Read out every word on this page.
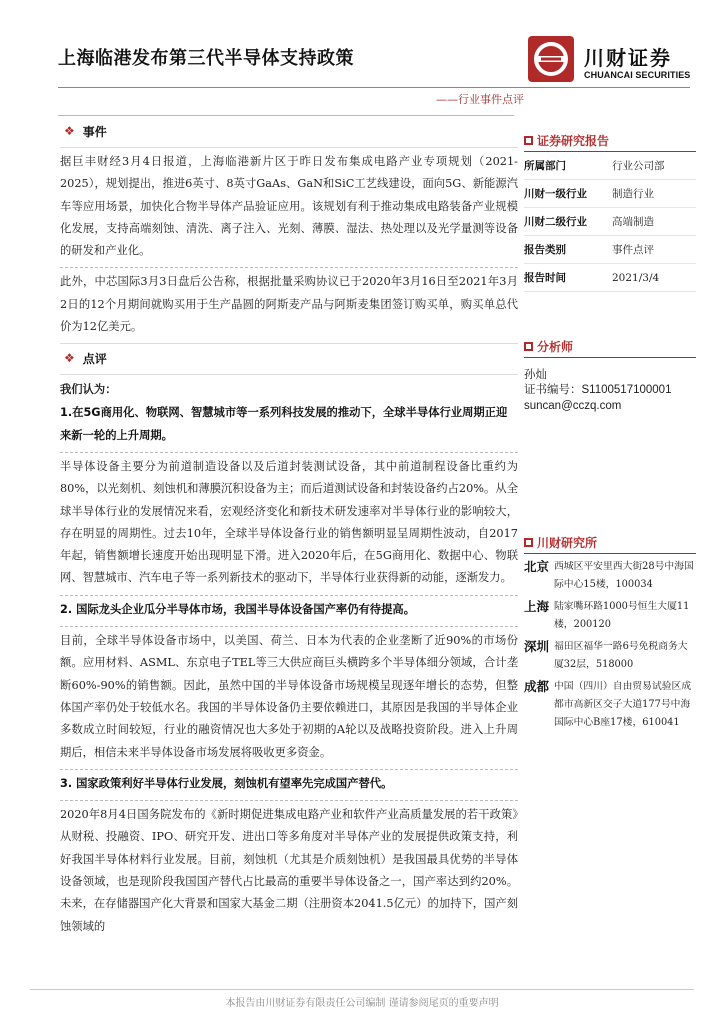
上海临港发布第三代半导体支持政策	川财证券
CHUANCAI SECURITIES
——行业事件点评
❖ 事件

据巨丰财经3月4日报道，上海临港新片区于昨日发布集成电路产业专项规划（2021-2025），规划提出，推进6英寸、8英寸GaAs、GaN和SiC工艺线建设，面向5G、新能源汽车等应用场景，加快化合物半导体产品验证应用。该规划有利于推动集成电路装备产业规模化发展，支持高端刻蚀、清洗、离子注入、光刻、薄膜、湿法、热处理以及光学量测等设备的研发和产业化。

此外，中芯国际3月3日盘后公告称，根据批量采购协议已于2020年3月16日至2021年3月2日的12个月期间就购买用于生产晶圆的阿斯麦产品与阿斯麦集团签订购买单，购买单总代价为12亿美元。

❖ 点评

我们认为：

1.在5G商用化、物联网、智慧城市等一系列科技发展的推动下，全球半导体行业周期正迎来新一轮的上升周期。

半导体设备主要分为前道制造设备以及后道封装测试设备，其中前道制程设备比重约为80%，以光刻机、刻蚀机和薄膜沉积设备为主；而后道测试设备和封装设备约占20%。从全球半导体行业的发展情况来看，宏观经济变化和新技术研发速率对半导体行业的影响较大，存在明显的周期性。过去10年，全球半导体设备行业的销售额明显呈周期性波动，自2017年起，销售额增长速度开始出现明显下滑。进入2020年后，在5G商用化、数据中心、物联网、智慧城市、汽车电子等一系列新技术的驱动下，半导体行业获得新的动能，逐渐发力。

2. 国际龙头企业瓜分半导体市场，我国半导体设备国产率仍有待提高。

目前，全球半导体设备市场中，以美国、荷兰、日本为代表的企业垄断了近90%的市场份额。应用材料、ASML、东京电子TEL等三大供应商巨头横跨多个半导体细分领域，合计垄断60%-90%的销售额。因此，虽然中国的半导体设备市场规模呈现逐年增长的态势，但整体国产率仍处于较低水名。我国的半导体设备仍主要依赖进口，其原因是我国的半导体企业多数成立时间较短，行业的融资情况也大多处于初期的A轮以及战略投资阶段。进入上升周期后，相信未来半导体设备市场发展将吸收更多资金。

3. 国家政策利好半导体行业发展，刻蚀机有望率先完成国产替代。

2020年8月4日国务院发布的《新时期促进集成电路产业和软件产业高质量发展的若干政策》从财税、投融资、IPO、研究开发、进出口等多角度对半导体产业的发展提供政策支持，利好我国半导体材料行业发展。目前，刻蚀机（尤其是介质刻蚀机）是我国最具优势的半导体设备领域，也是现阶段我国国产替代占比最高的重要半导体设备之一，国产率达到约20%。未来，在存储器国产化大背景和国家大基金二期（注册资本2041.5亿元）的加持下，国产刻蚀领域的

证券研究报告
所属部门	行业公司部
川财一级行业	制造行业
川财二级行业	高端制造
报告类别	事件点评
报告时间	2021/3/4
分析师
孙灿
证书编号：S1100517100001
suncan@cczq.com
川财研究所
北京 西城区平安里西大街28号中海国际中心15楼，100034
上海 陆家嘴环路1000号恒生大厦11楼，200120
深圳 福田区福华一路6号免税商务大厦32层，518000
成都 中国（四川）自由贸易试验区成都市高新区交子大道177号中海国际中心B座17楼，610041
本报告由川财证券有限责任公司编制 谨请参阅尾页的重要声明
